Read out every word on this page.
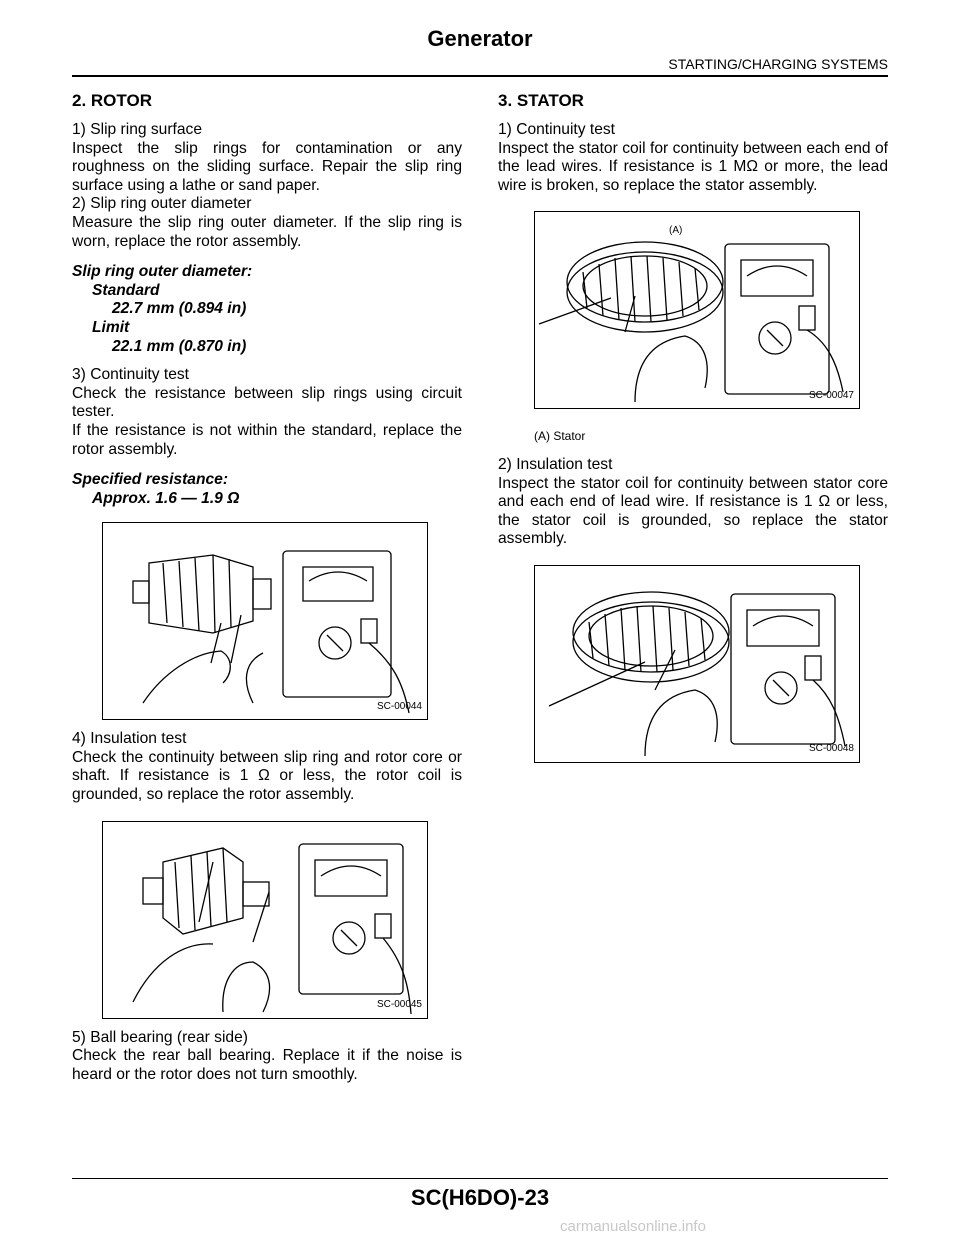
Generator
STARTING/CHARGING SYSTEMS
2. ROTOR

1) Slip ring surface

Inspect the slip rings for contamination or any roughness on the sliding surface. Repair the slip ring surface using a lathe or sand paper.

2) Slip ring outer diameter

Measure the slip ring outer diameter. If the slip ring is worn, replace the rotor assembly.

Slip ring outer diameter:

Standard

22.7 mm (0.894 in)

Limit

22.1 mm (0.870 in)

3) Continuity test

Check the resistance between slip rings using circuit tester.

If the resistance is not within the standard, replace the rotor assembly.

Specified resistance:

Approx. 1.6 — 1.9 Ω

SC-00044

4) Insulation test

Check the continuity between slip ring and rotor core or shaft. If resistance is 1 Ω or less, the rotor coil is grounded, so replace the rotor assembly.

SC-00045

5) Ball bearing (rear side)

Check the rear ball bearing. Replace it if the noise is heard or the rotor does not turn smoothly.

3. STATOR

1) Continuity test

Inspect the stator coil for continuity between each end of the lead wires. If resistance is 1 MΩ or more, the lead wire is broken, so replace the stator assembly.

(A)
SC-00047

(A) Stator

2) Insulation test

Inspect the stator coil for continuity between stator core and each end of lead wire. If resistance is 1 Ω or less, the stator coil is grounded, so replace the stator assembly.

SC-00048
SC(H6DO)-23
carmanualsonline.info
